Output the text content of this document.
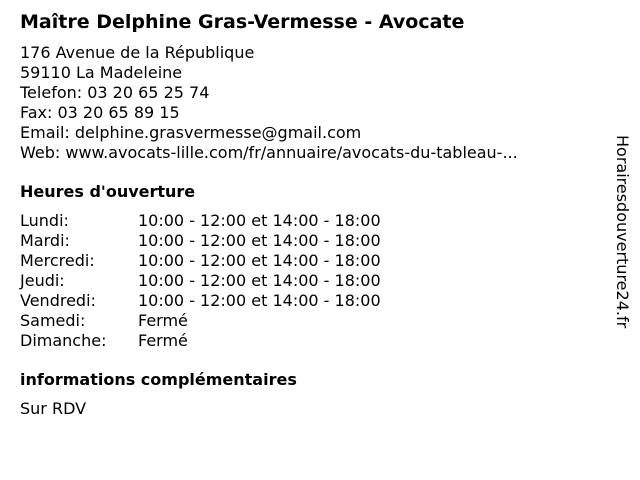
Maître Delphine Gras-Vermesse - Avocate
176 Avenue de la République
59110 La Madeleine
Telefon: 03 20 65 25 74
Fax: 03 20 65 89 15
Email: delphine.grasvermesse@gmail.com
Web: www.avocats-lille.com/fr/annuaire/avocats-du-tableau-...
Heures d'ouverture
Lundi:	10:00 - 12:00 et 14:00 - 18:00
Mardi:	10:00 - 12:00 et 14:00 - 18:00
Mercredi:	10:00 - 12:00 et 14:00 - 18:00
Jeudi:	10:00 - 12:00 et 14:00 - 18:00
Vendredi:	10:00 - 12:00 et 14:00 - 18:00
Samedi:	Fermé
Dimanche:	Fermé
informations complémentaires
Sur RDV
Horairesdouverture24.fr
